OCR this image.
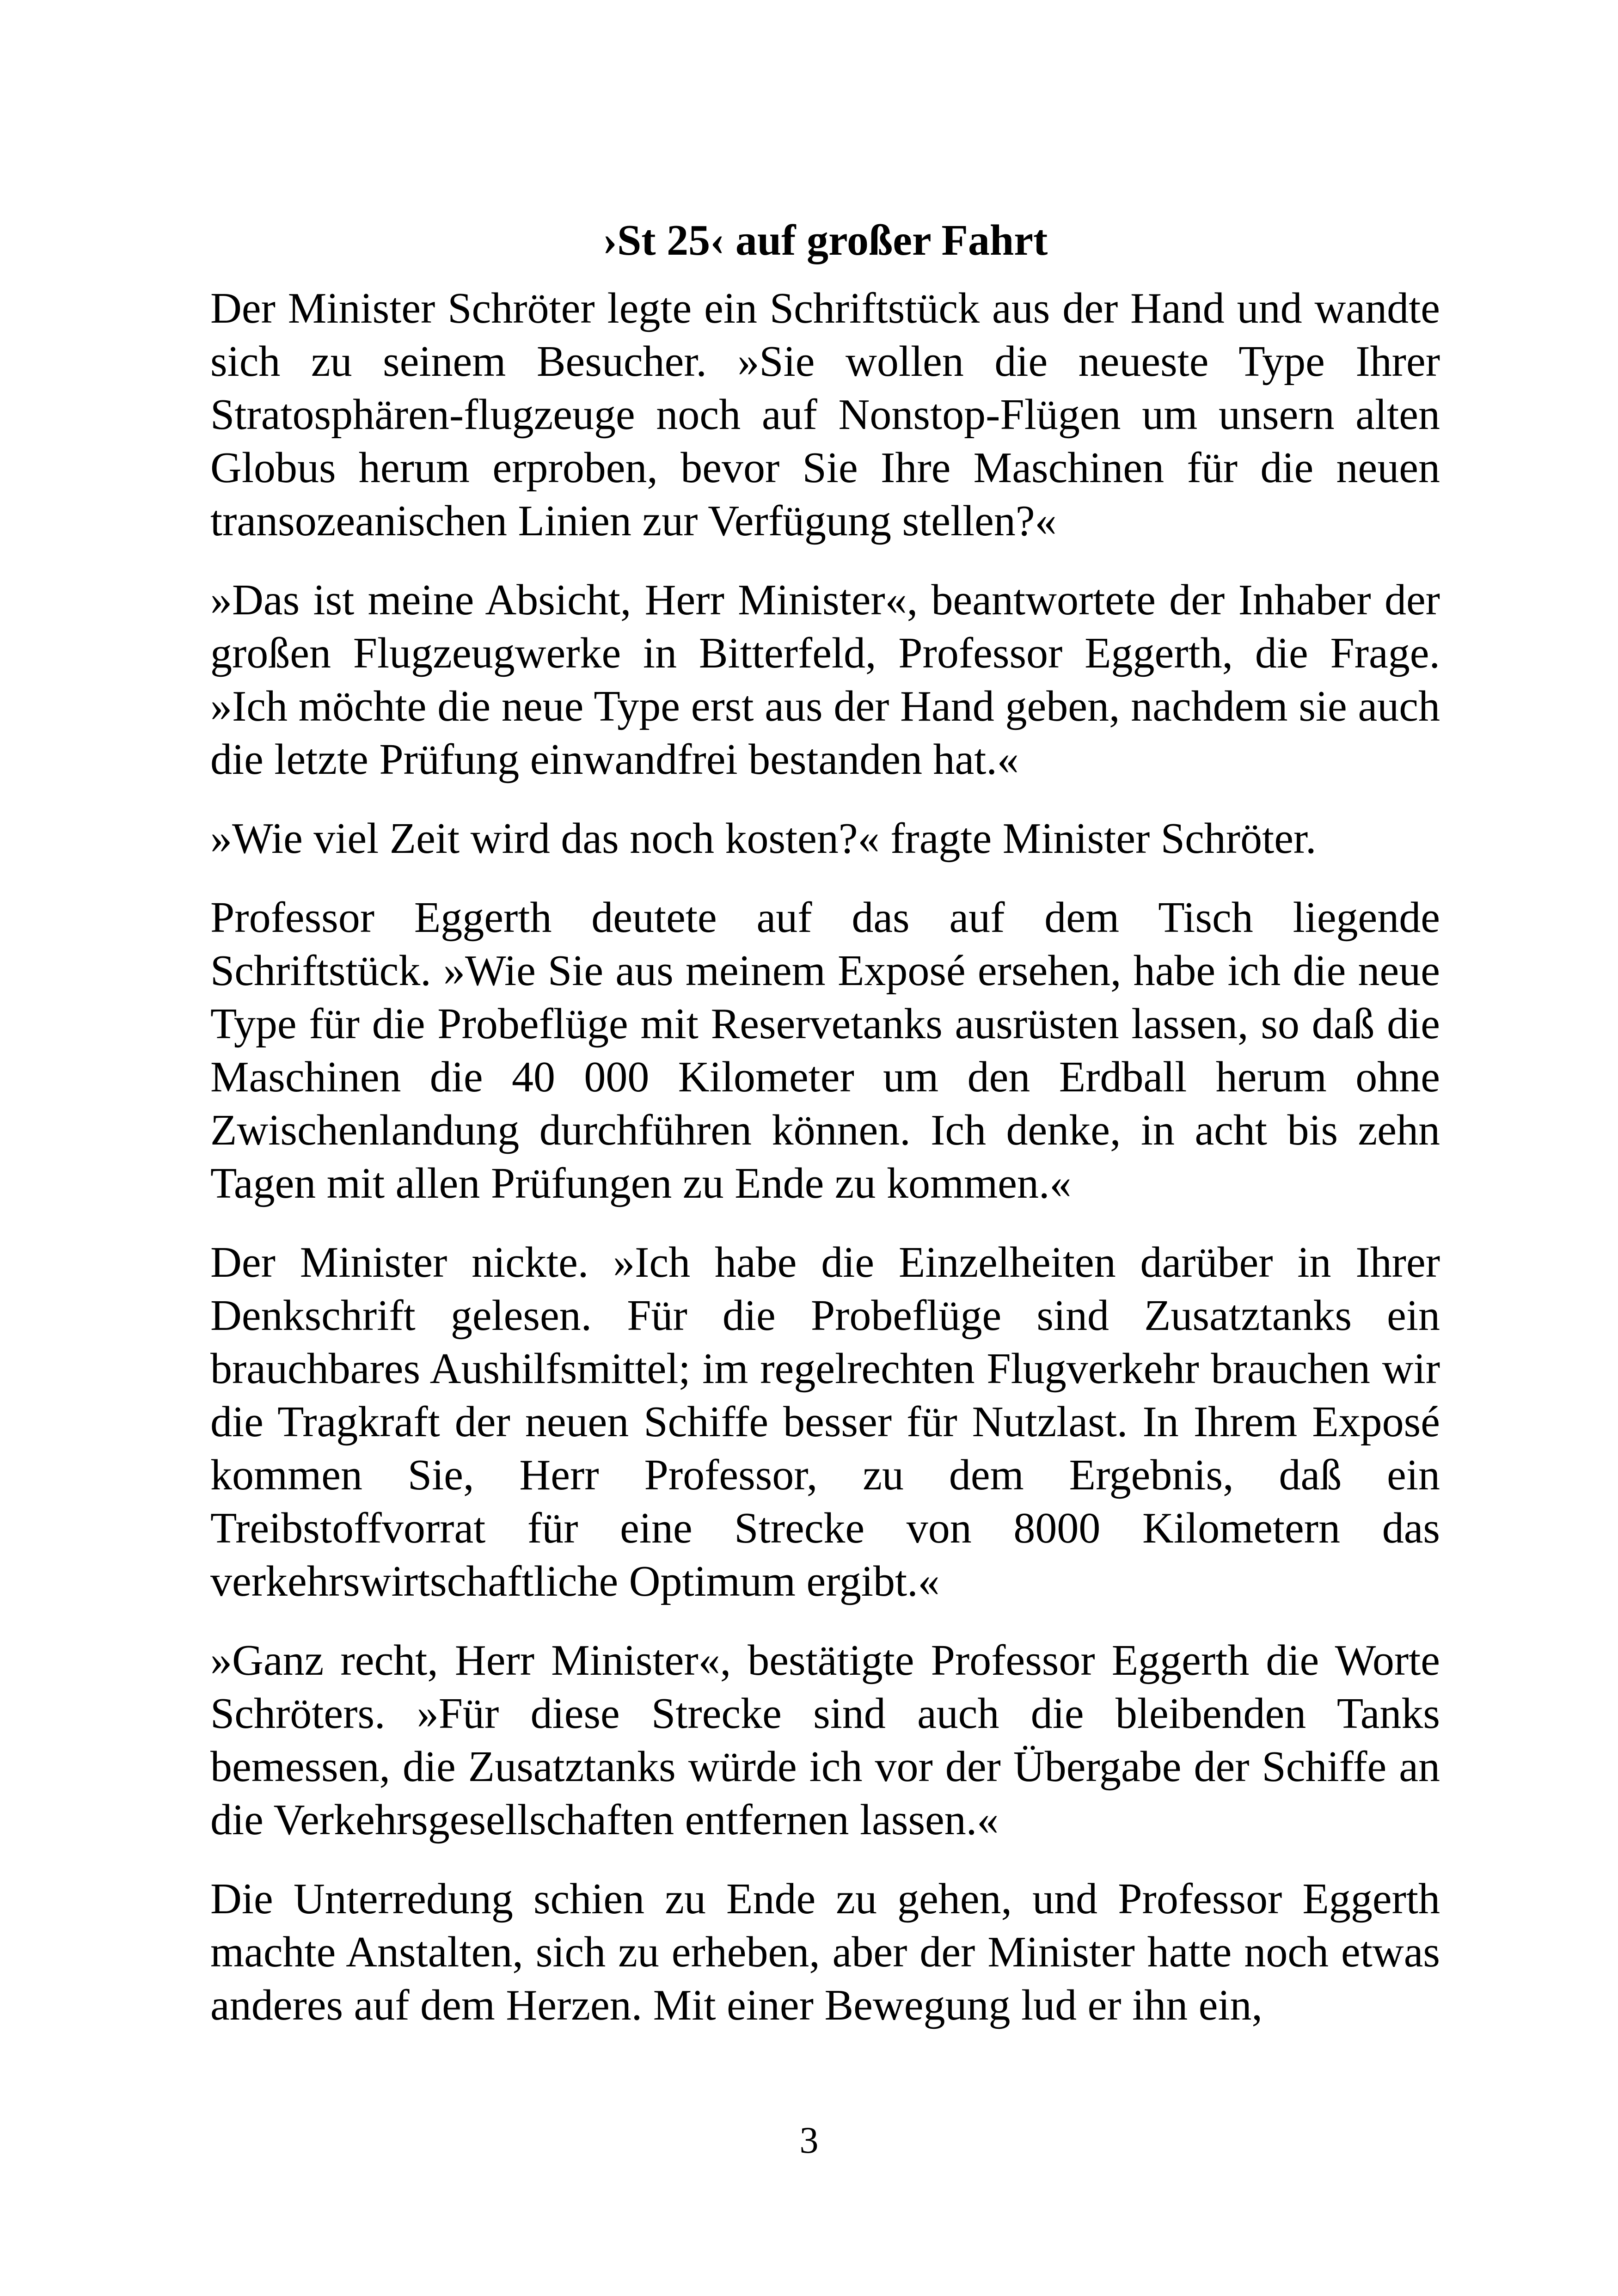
›St 25‹ auf großer Fahrt

Der Minister Schröter legte ein Schriftstück aus der Hand und wandte sich zu seinem Besucher. »Sie wollen die neueste Type Ihrer Stratosphären-flugzeuge noch auf Nonstop-Flügen um unsern alten Globus herum erproben, bevor Sie Ihre Maschinen für die neuen transozeanischen Linien zur Verfügung stellen?«

»Das ist meine Absicht, Herr Minister«, beantwortete der Inhaber der großen Flugzeugwerke in Bitterfeld, Professor Eggerth, die Frage. »Ich möchte die neue Type erst aus der Hand geben, nachdem sie auch die letzte Prüfung einwandfrei bestanden hat.«

»Wie viel Zeit wird das noch kosten?« fragte Minister Schröter.

Professor Eggerth deutete auf das auf dem Tisch liegende Schriftstück. »Wie Sie aus meinem Exposé ersehen, habe ich die neue Type für die Probeflüge mit Reservetanks ausrüsten lassen, so daß die Maschinen die 40 000 Kilometer um den Erdball herum ohne Zwischenlandung durchführen können. Ich denke, in acht bis zehn Tagen mit allen Prüfungen zu Ende zu kommen.«

Der Minister nickte. »Ich habe die Einzelheiten darüber in Ihrer Denkschrift gelesen. Für die Probeflüge sind Zusatztanks ein brauchbares Aushilfsmittel; im regelrechten Flugverkehr brauchen wir die Tragkraft der neuen Schiffe besser für Nutzlast. In Ihrem Exposé kommen Sie, Herr Professor, zu dem Ergebnis, daß ein Treibstoffvorrat für eine Strecke von 8000 Kilometern das verkehrswirtschaftliche Optimum ergibt.«

»Ganz recht, Herr Minister«, bestätigte Professor Eggerth die Worte Schröters. »Für diese Strecke sind auch die bleibenden Tanks bemessen, die Zusatztanks würde ich vor der Übergabe der Schiffe an die Verkehrsgesellschaften entfernen lassen.«

Die Unterredung schien zu Ende zu gehen, und Professor Eggerth machte Anstalten, sich zu erheben, aber der Minister hatte noch etwas anderes auf dem Herzen. Mit einer Bewegung lud er ihn ein,

3
